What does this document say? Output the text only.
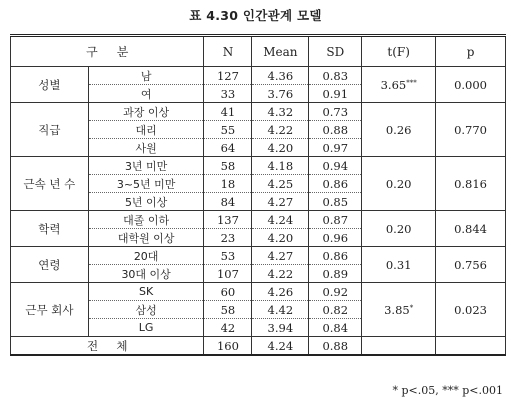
표 4.30 인간관계 모델
구     분		N	Mean	SD	t(F)	p
성별	남	127	4.36	0.83	3.65***	0.000
	여	33	3.76	0.91		
직급	과장 이상	41	4.32	0.73	0.26	0.770
	대리	55	4.22	0.88		
	사원	64	4.20	0.97		
근속 년 수	3년 미만	58	4.18	0.94	0.20	0.816
	3~5년 미만	18	4.25	0.86		
	5년 이상	84	4.27	0.85		
학력	대졸 이하	137	4.24	0.87	0.20	0.844
	대학원 이상	23	4.20	0.96		
연령	20대	53	4.27	0.86	0.31	0.756
	30대 이상	107	4.22	0.89		
근무 회사	SK	60	4.26	0.92	3.85*	0.023
	삼성	58	4.42	0.82		
	LG	42	3.94	0.84		
전     체		160	4.24	0.88		
* p<.05, *** p<.001
